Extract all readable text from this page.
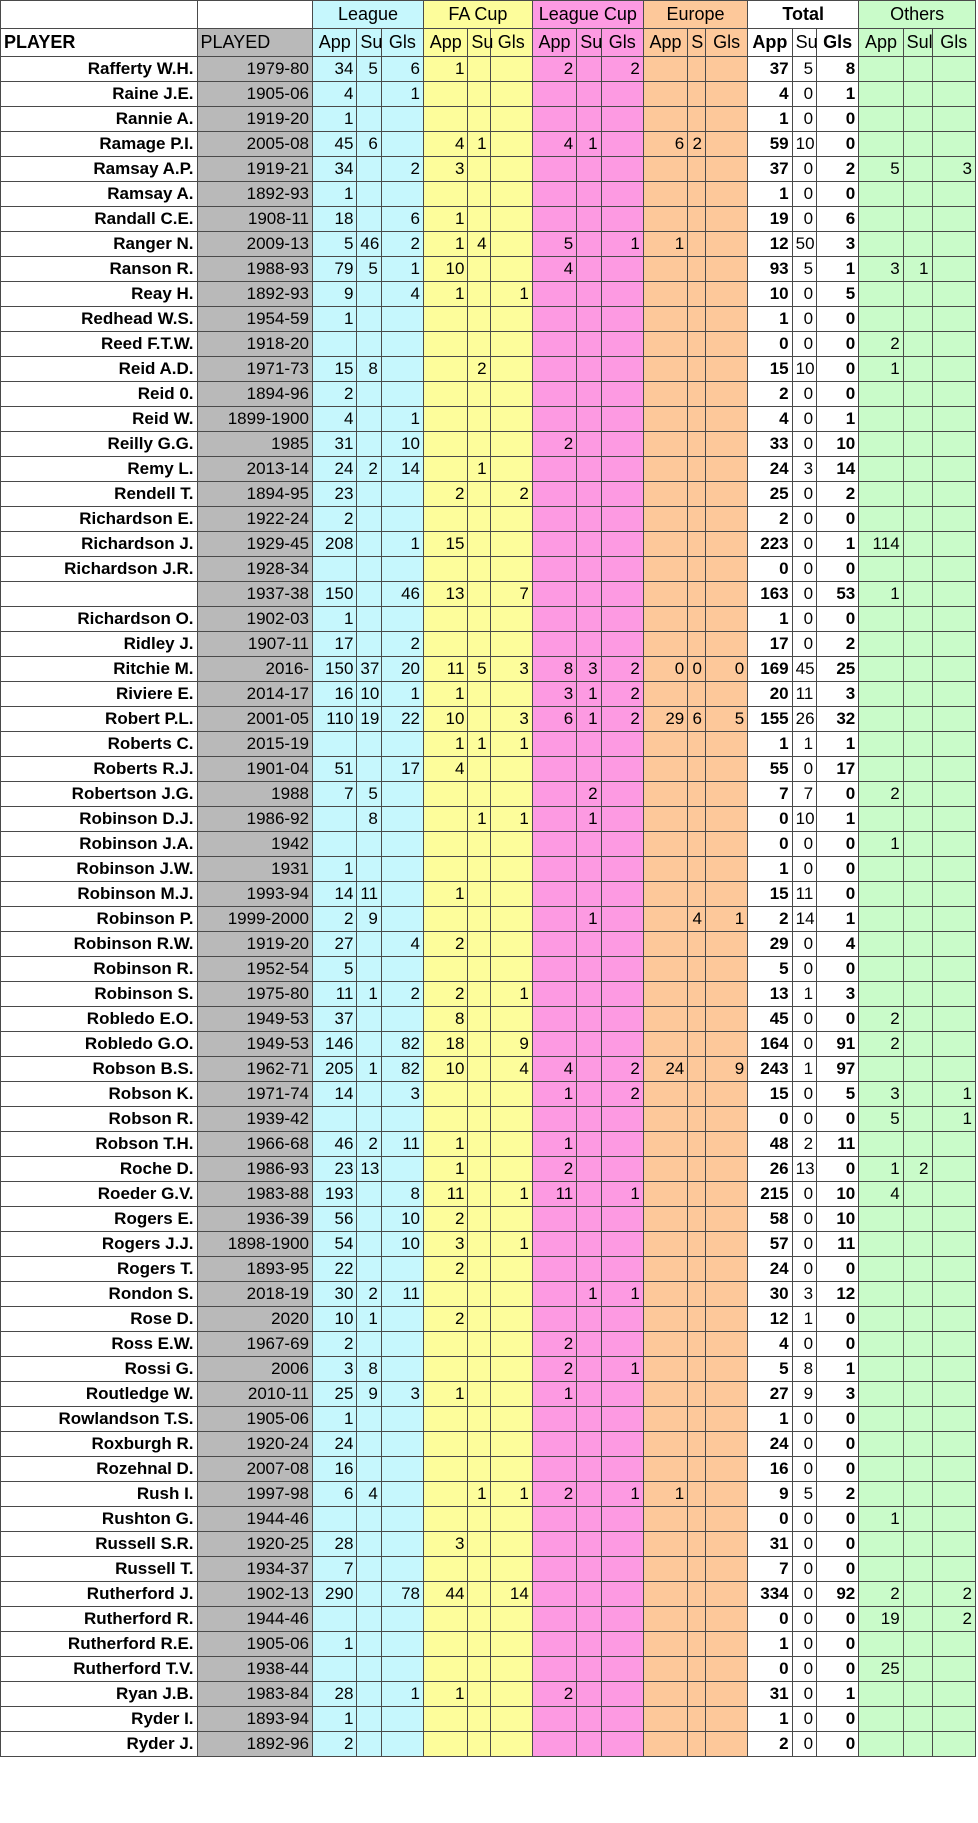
		League			FA Cup			League Cup			Europe			Total			Others		
PLAYER	PLAYED	App	Su	Gls	App	Su	Gls	App	Su	Gls	App	S	Gls	App	Su	Gls	App	Sul	Gls
Rafferty W.H.	1979-80	34	5	6	1			2		2				37	5	8			
Raine J.E.	1905-06	4		1										4	0	1			
Rannie A.	1919-20	1												1	0	0			
Ramage P.I.	2005-08	45	6		4	1		4	1		6	2		59	10	0			
Ramsay A.P.	1919-21	34		2	3									37	0	2	5		3
Ramsay A.	1892-93	1												1	0	0			
Randall C.E.	1908-11	18		6	1									19	0	6			
Ranger N.	2009-13	5	46	2	1	4		5		1	1			12	50	3			
Ranson R.	1988-93	79	5	1	10			4						93	5	1	3	1	
Reay H.	1892-93	9		4	1		1							10	0	5			
Redhead W.S.	1954-59	1												1	0	0			
Reed F.T.W.	1918-20													0	0	0	2		
Reid A.D.	1971-73	15	8			2								15	10	0	1		
Reid 0.	1894-96	2												2	0	0			
Reid W.	1899-1900	4		1										4	0	1			
Reilly G.G.	1985	31		10				2						33	0	10			
Remy L.	2013-14	24	2	14		1								24	3	14			
Rendell T.	1894-95	23			2		2							25	0	2			
Richardson E.	1922-24	2												2	0	0			
Richardson J.	1929-45	208		1	15									223	0	1	114		
Richardson J.R.	1928-34													0	0	0			
	1937-38	150		46	13		7							163	0	53	1		
Richardson O.	1902-03	1												1	0	0			
Ridley J.	1907-11	17		2										17	0	2			
Ritchie M.	2016-	150	37	20	11	5	3	8	3	2	0	0	0	169	45	25			
Riviere E.	2014-17	16	10	1	1			3	1	2				20	11	3			
Robert P.L.	2001-05	110	19	22	10		3	6	1	2	29	6	5	155	26	32			
Roberts C.	2015-19				1	1	1							1	1	1			
Roberts R.J.	1901-04	51		17	4									55	0	17			
Robertson J.G.	1988	7	5						2					7	7	0	2		
Robinson D.J.	1986-92		8			1	1		1					0	10	1			
Robinson J.A.	1942													0	0	0	1		
Robinson J.W.	1931	1												1	0	0			
Robinson M.J.	1993-94	14	11		1									15	11	0			
Robinson P.	1999-2000	2	9						1			4	1	2	14	1			
Robinson R.W.	1919-20	27		4	2									29	0	4			
Robinson R.	1952-54	5												5	0	0			
Robinson S.	1975-80	11	1	2	2		1							13	1	3			
Robledo E.O.	1949-53	37			8									45	0	0	2		
Robledo G.O.	1949-53	146		82	18		9							164	0	91	2		
Robson B.S.	1962-71	205	1	82	10		4	4		2	24		9	243	1	97			
Robson K.	1971-74	14		3				1		2				15	0	5	3		1
Robson R.	1939-42													0	0	0	5		1
Robson T.H.	1966-68	46	2	11	1			1						48	2	11			
Roche D.	1986-93	23	13		1			2						26	13	0	1	2	
Roeder G.V.	1983-88	193		8	11		1	11		1				215	0	10	4		
Rogers E.	1936-39	56		10	2									58	0	10			
Rogers J.J.	1898-1900	54		10	3		1							57	0	11			
Rogers T.	1893-95	22			2									24	0	0			
Rondon S.	2018-19	30	2	11					1	1				30	3	12			
Rose D.	2020	10	1		2									12	1	0			
Ross E.W.	1967-69	2						2						4	0	0			
Rossi G.	2006	3	8					2		1				5	8	1			
Routledge W.	2010-11	25	9	3	1			1						27	9	3			
Rowlandson T.S.	1905-06	1												1	0	0			
Roxburgh R.	1920-24	24												24	0	0			
Rozehnal D.	2007-08	16												16	0	0			
Rush I.	1997-98	6	4			1	1	2		1	1			9	5	2			
Rushton G.	1944-46													0	0	0	1		
Russell S.R.	1920-25	28			3									31	0	0			
Russell T.	1934-37	7												7	0	0			
Rutherford J.	1902-13	290		78	44		14							334	0	92	2		2
Rutherford R.	1944-46													0	0	0	19		2
Rutherford R.E.	1905-06	1												1	0	0			
Rutherford T.V.	1938-44													0	0	0	25		
Ryan J.B.	1983-84	28		1	1			2						31	0	1			
Ryder I.	1893-94	1												1	0	0			
Ryder J.	1892-96	2												2	0	0			
